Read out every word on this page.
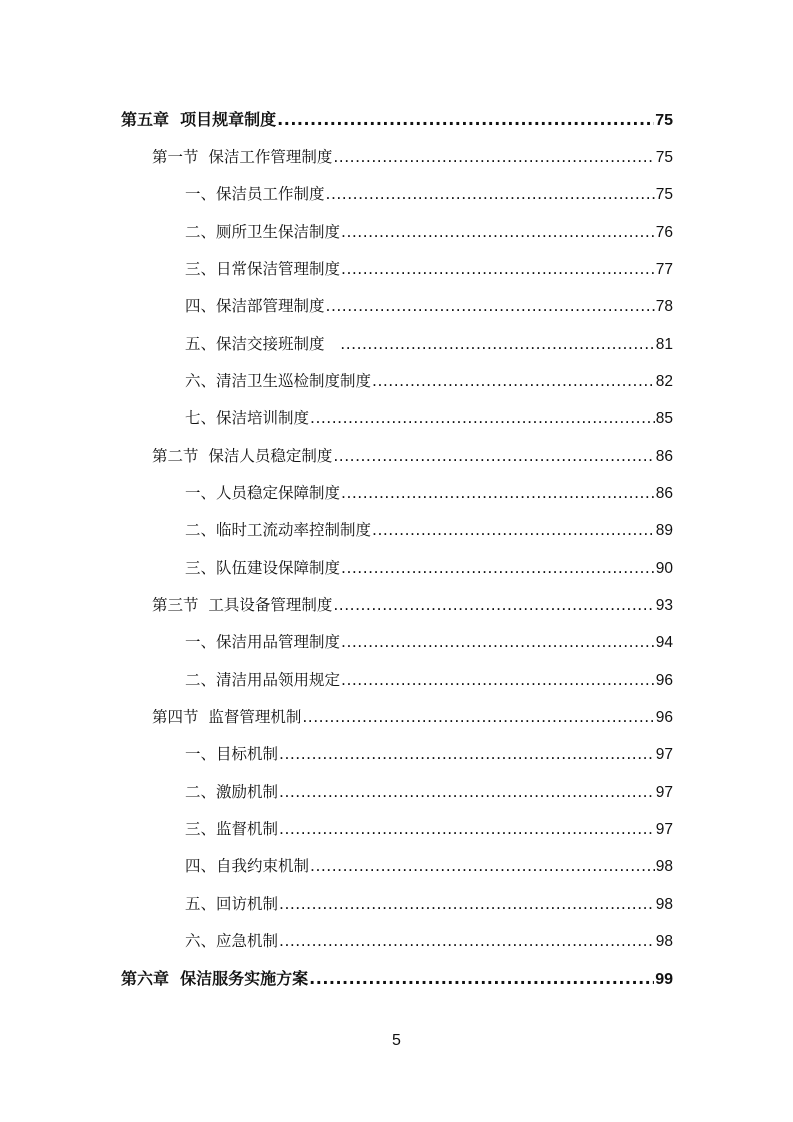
第五章  项目规章制度 .....	75
第一节  保洁工作管理制度 .....	75
一、保洁员工作制度 .....	75
二、厕所卫生保洁制度 .....	76
三、日常保洁管理制度 .....	77
四、保洁部管理制度 .....	78
五、保洁交接班制度 .....	81
六、清洁卫生巡检制度制度 .....	82
七、保洁培训制度 .....	85
第二节  保洁人员稳定制度 .....	86
一、人员稳定保障制度 .....	86
二、临时工流动率控制制度 .....	89
三、队伍建设保障制度 .....	90
第三节  工具设备管理制度 .....	93
一、保洁用品管理制度 .....	94
二、清洁用品领用规定 .....	96
第四节  监督管理机制 .....	96
一、目标机制 .....	97
二、激励机制 .....	97
三、监督机制 .....	97
四、自我约束机制 .....	98
五、回访机制 .....	98
六、应急机制 .....	98
第六章  保洁服务实施方案 .....	99
5
